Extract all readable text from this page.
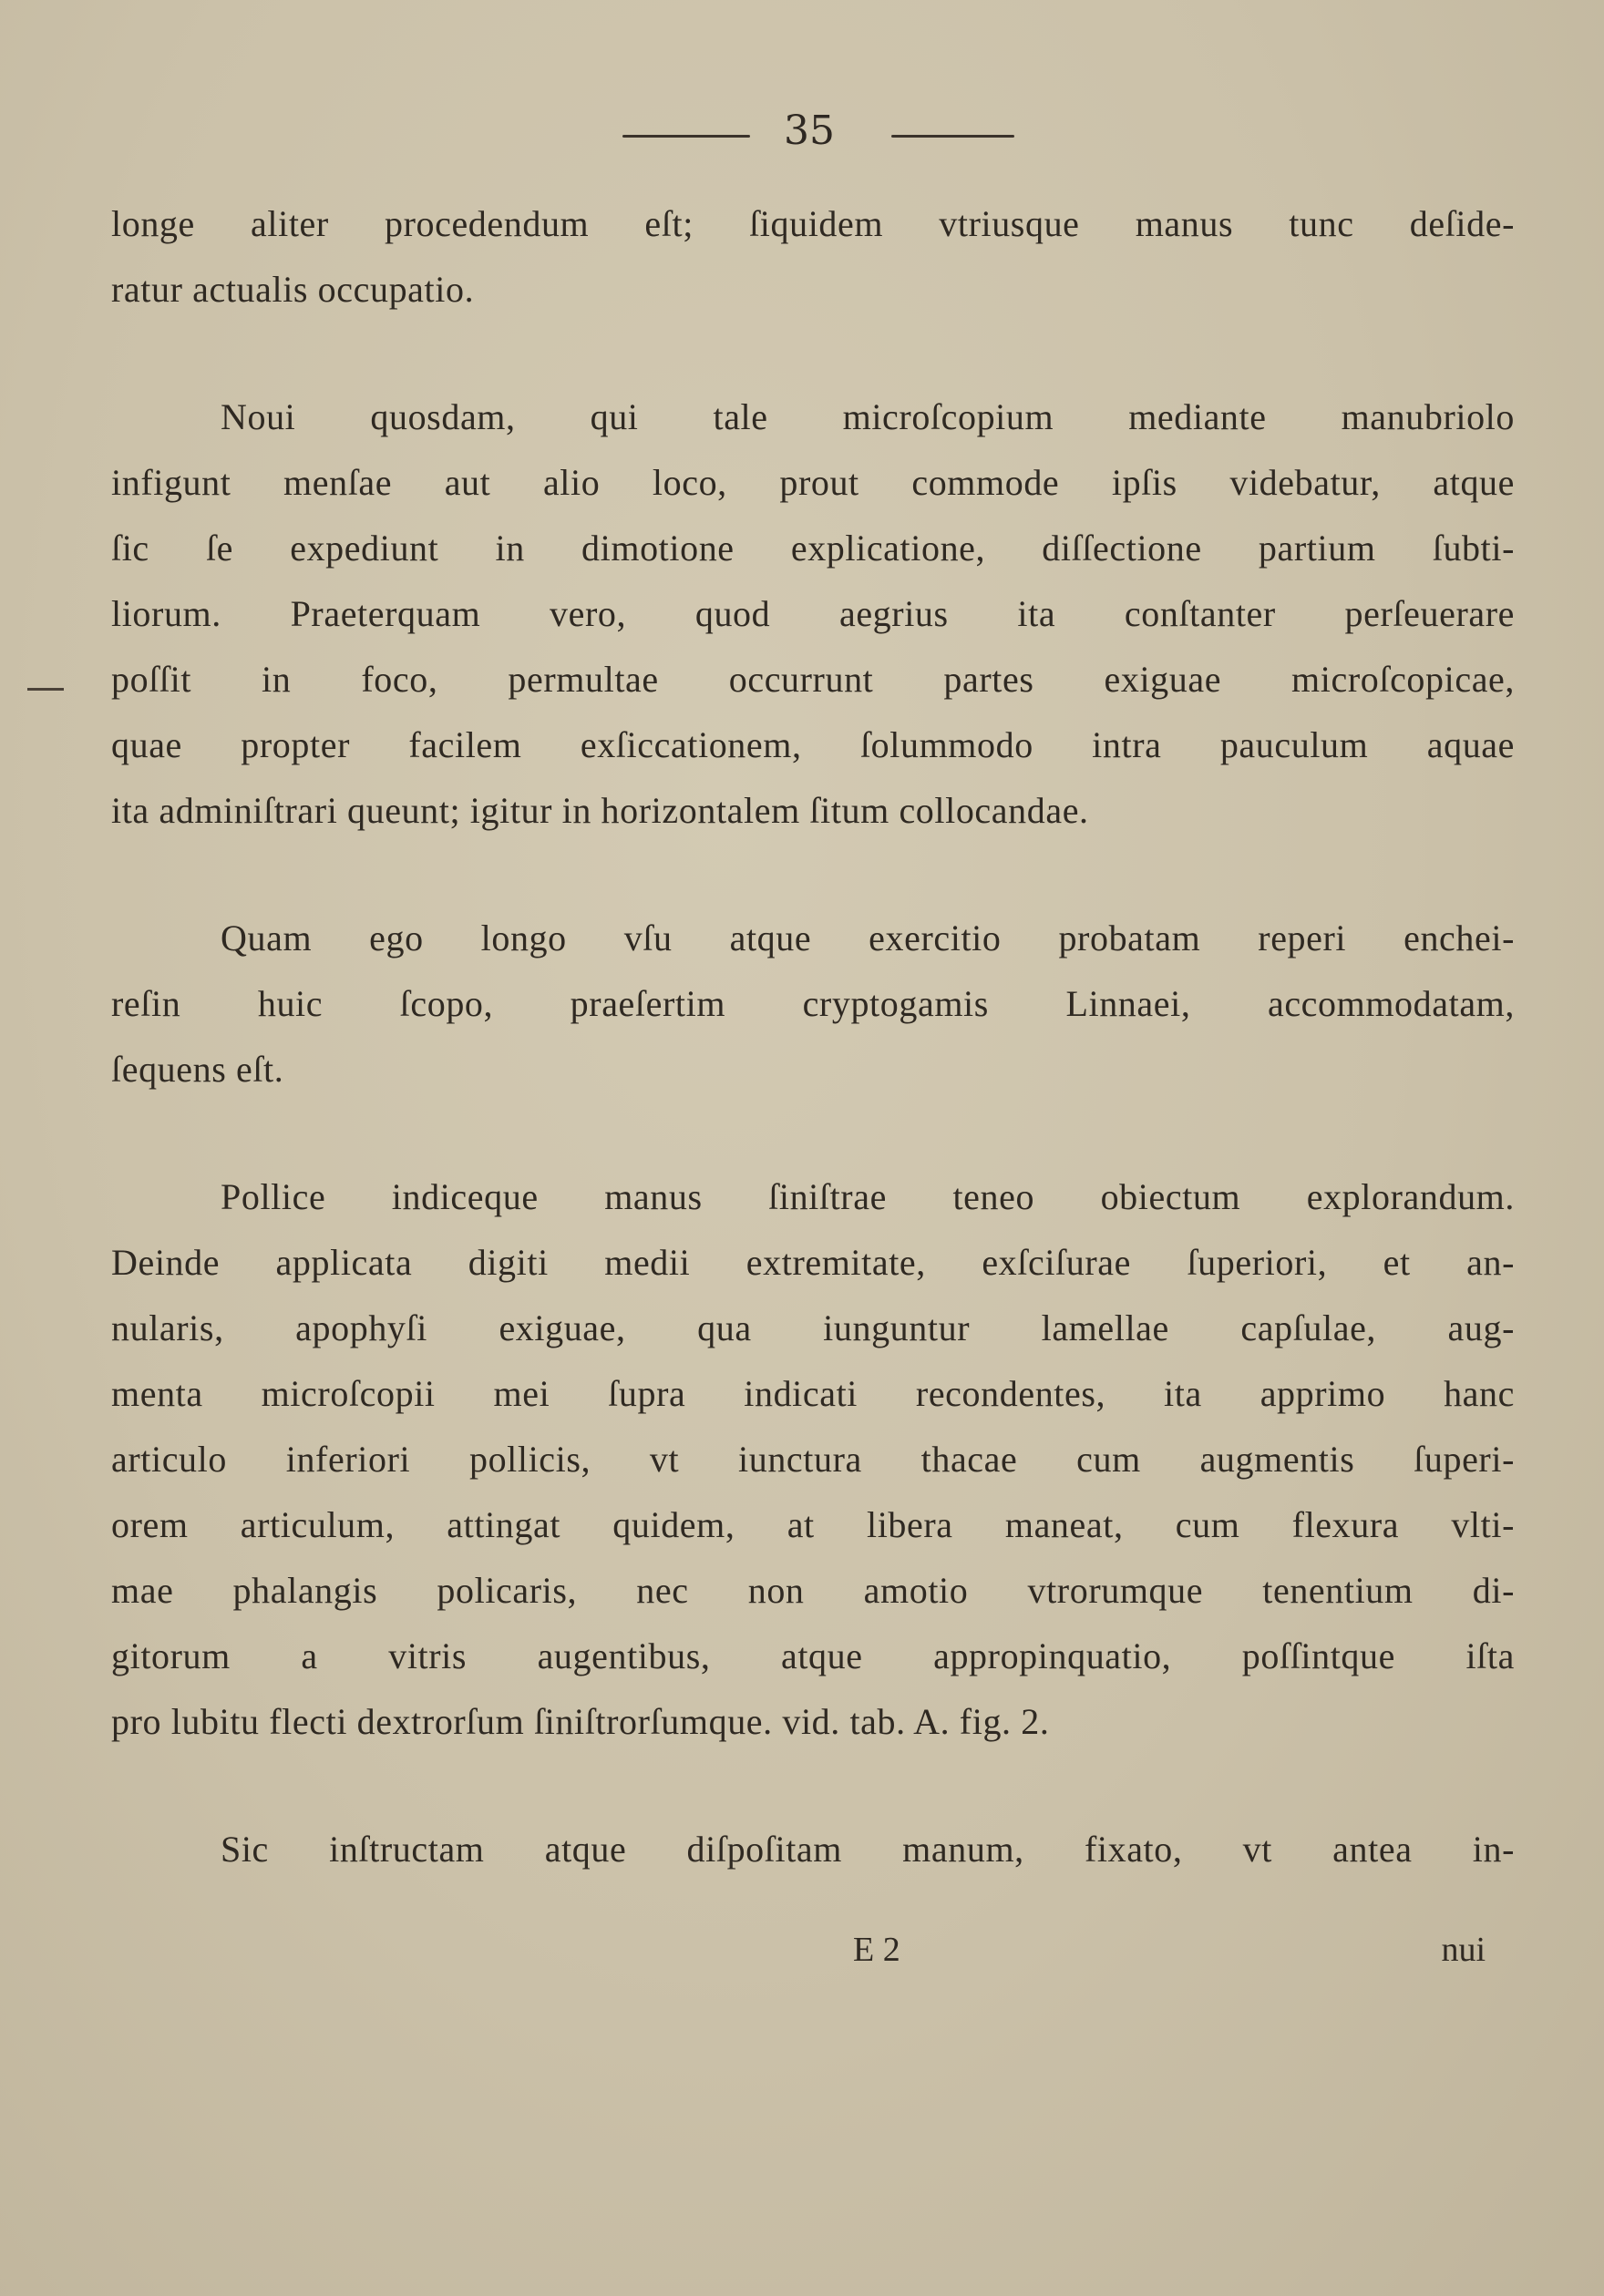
35
longe aliter procedendum eſt; ſiquidem vtriusque manus tunc deſide-
ratur actualis occupatio.
Noui quosdam, qui tale microſcopium mediante manubriolo
infigunt menſae aut alio loco, prout commode ipſis videbatur, atque
ſic ſe expediunt in dimotione explicatione, diſſectione partium ſubti-
liorum. Praeterquam vero, quod aegrius ita conſtanter perſeuerare
poſſit in foco, permultae occurrunt partes exiguae microſcopicae,
quae propter facilem exſiccationem, ſolummodo intra pauculum aquae
ita adminiſtrari queunt; igitur in horizontalem ſitum collocandae.
Quam ego longo vſu atque exercitio probatam reperi enchei-
reſin huic ſcopo, praeſertim cryptogamis Linnaei, accommodatam,
ſequens eſt.
Pollice indiceque manus ſiniſtrae teneo obiectum explorandum.
Deinde applicata digiti medii extremitate, exſciſurae ſuperiori, et an-
nularis, apophyſi exiguae, qua iunguntur lamellae capſulae, aug-
menta microſcopii mei ſupra indicati recondentes, ita apprimo hanc
articulo inferiori pollicis, vt iunctura thacae cum augmentis ſuperi-
orem articulum, attingat quidem, at libera maneat, cum flexura vlti-
mae phalangis policaris, nec non amotio vtrorumque tenentium di-
gitorum a vitris augentibus, atque appropinquatio, poſſintque iſta
pro lubitu flecti dextrorſum ſiniſtrorſumque. vid. tab. A. fig. 2.
Sic inſtructam atque diſpoſitam manum, fixato, vt antea in-
E 2	nui
